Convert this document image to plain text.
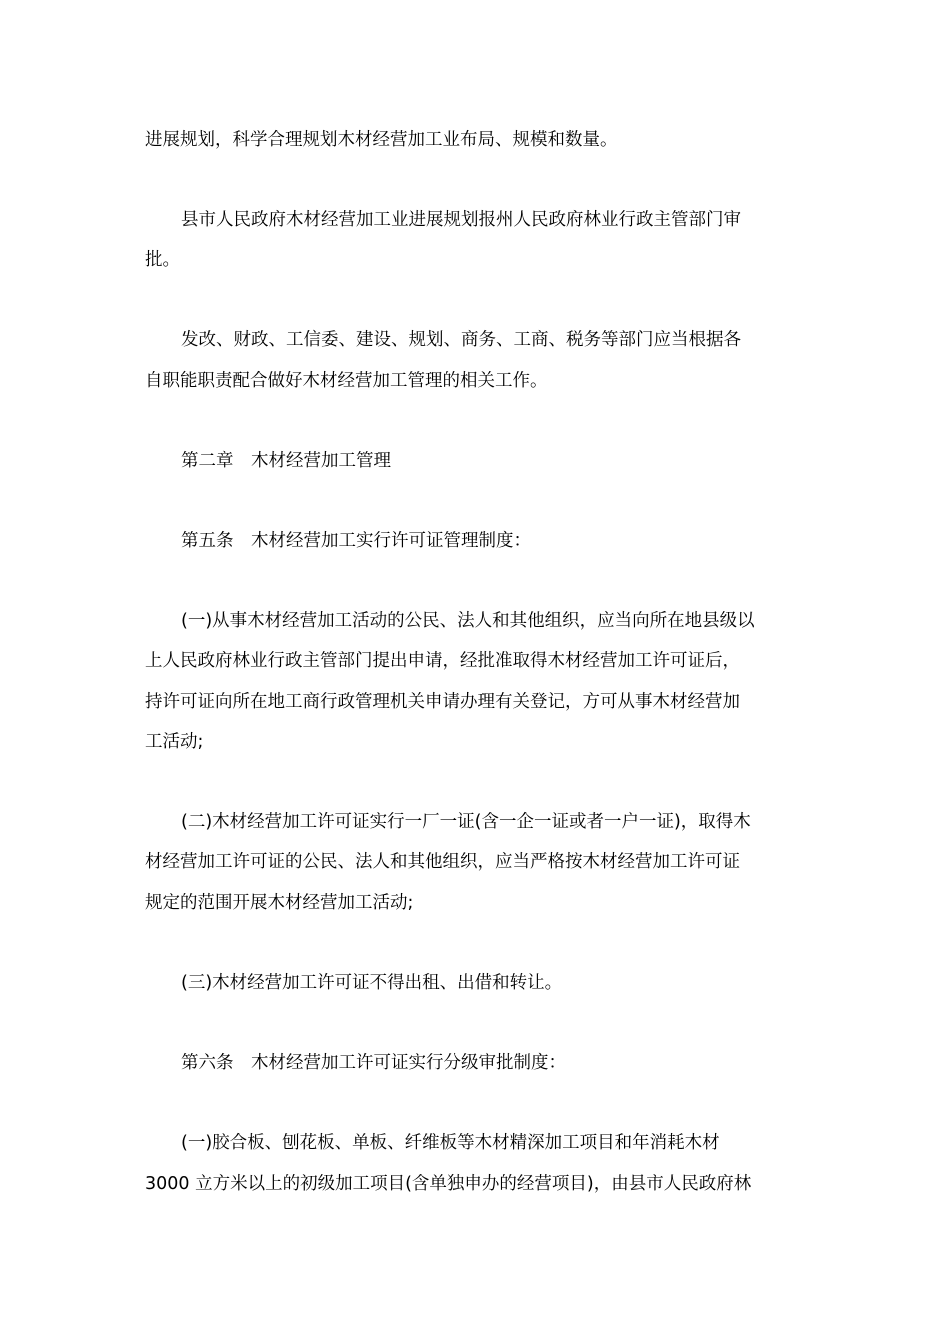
进展规划，科学合理规划木材经营加工业布局、规模和数量。
县市人民政府木材经营加工业进展规划报州人民政府林业行政主管部门审
批。
发改、财政、工信委、建设、规划、商务、工商、税务等部门应当根据各
自职能职责配合做好木材经营加工管理的相关工作。
第二章　木材经营加工管理
第五条　木材经营加工实行许可证管理制度：
(一)从事木材经营加工活动的公民、法人和其他组织，应当向所在地县级以
上人民政府林业行政主管部门提出申请，经批准取得木材经营加工许可证后，
持许可证向所在地工商行政管理机关申请办理有关登记，方可从事木材经营加
工活动;
(二)木材经营加工许可证实行一厂一证(含一企一证或者一户一证)，取得木
材经营加工许可证的公民、法人和其他组织，应当严格按木材经营加工许可证
规定的范围开展木材经营加工活动;
(三)木材经营加工许可证不得出租、出借和转让。
第六条　木材经营加工许可证实行分级审批制度：
(一)胶合板、刨花板、单板、纤维板等木材精深加工项目和年消耗木材
3000 立方米以上的初级加工项目(含单独申办的经营项目)，由县市人民政府林
